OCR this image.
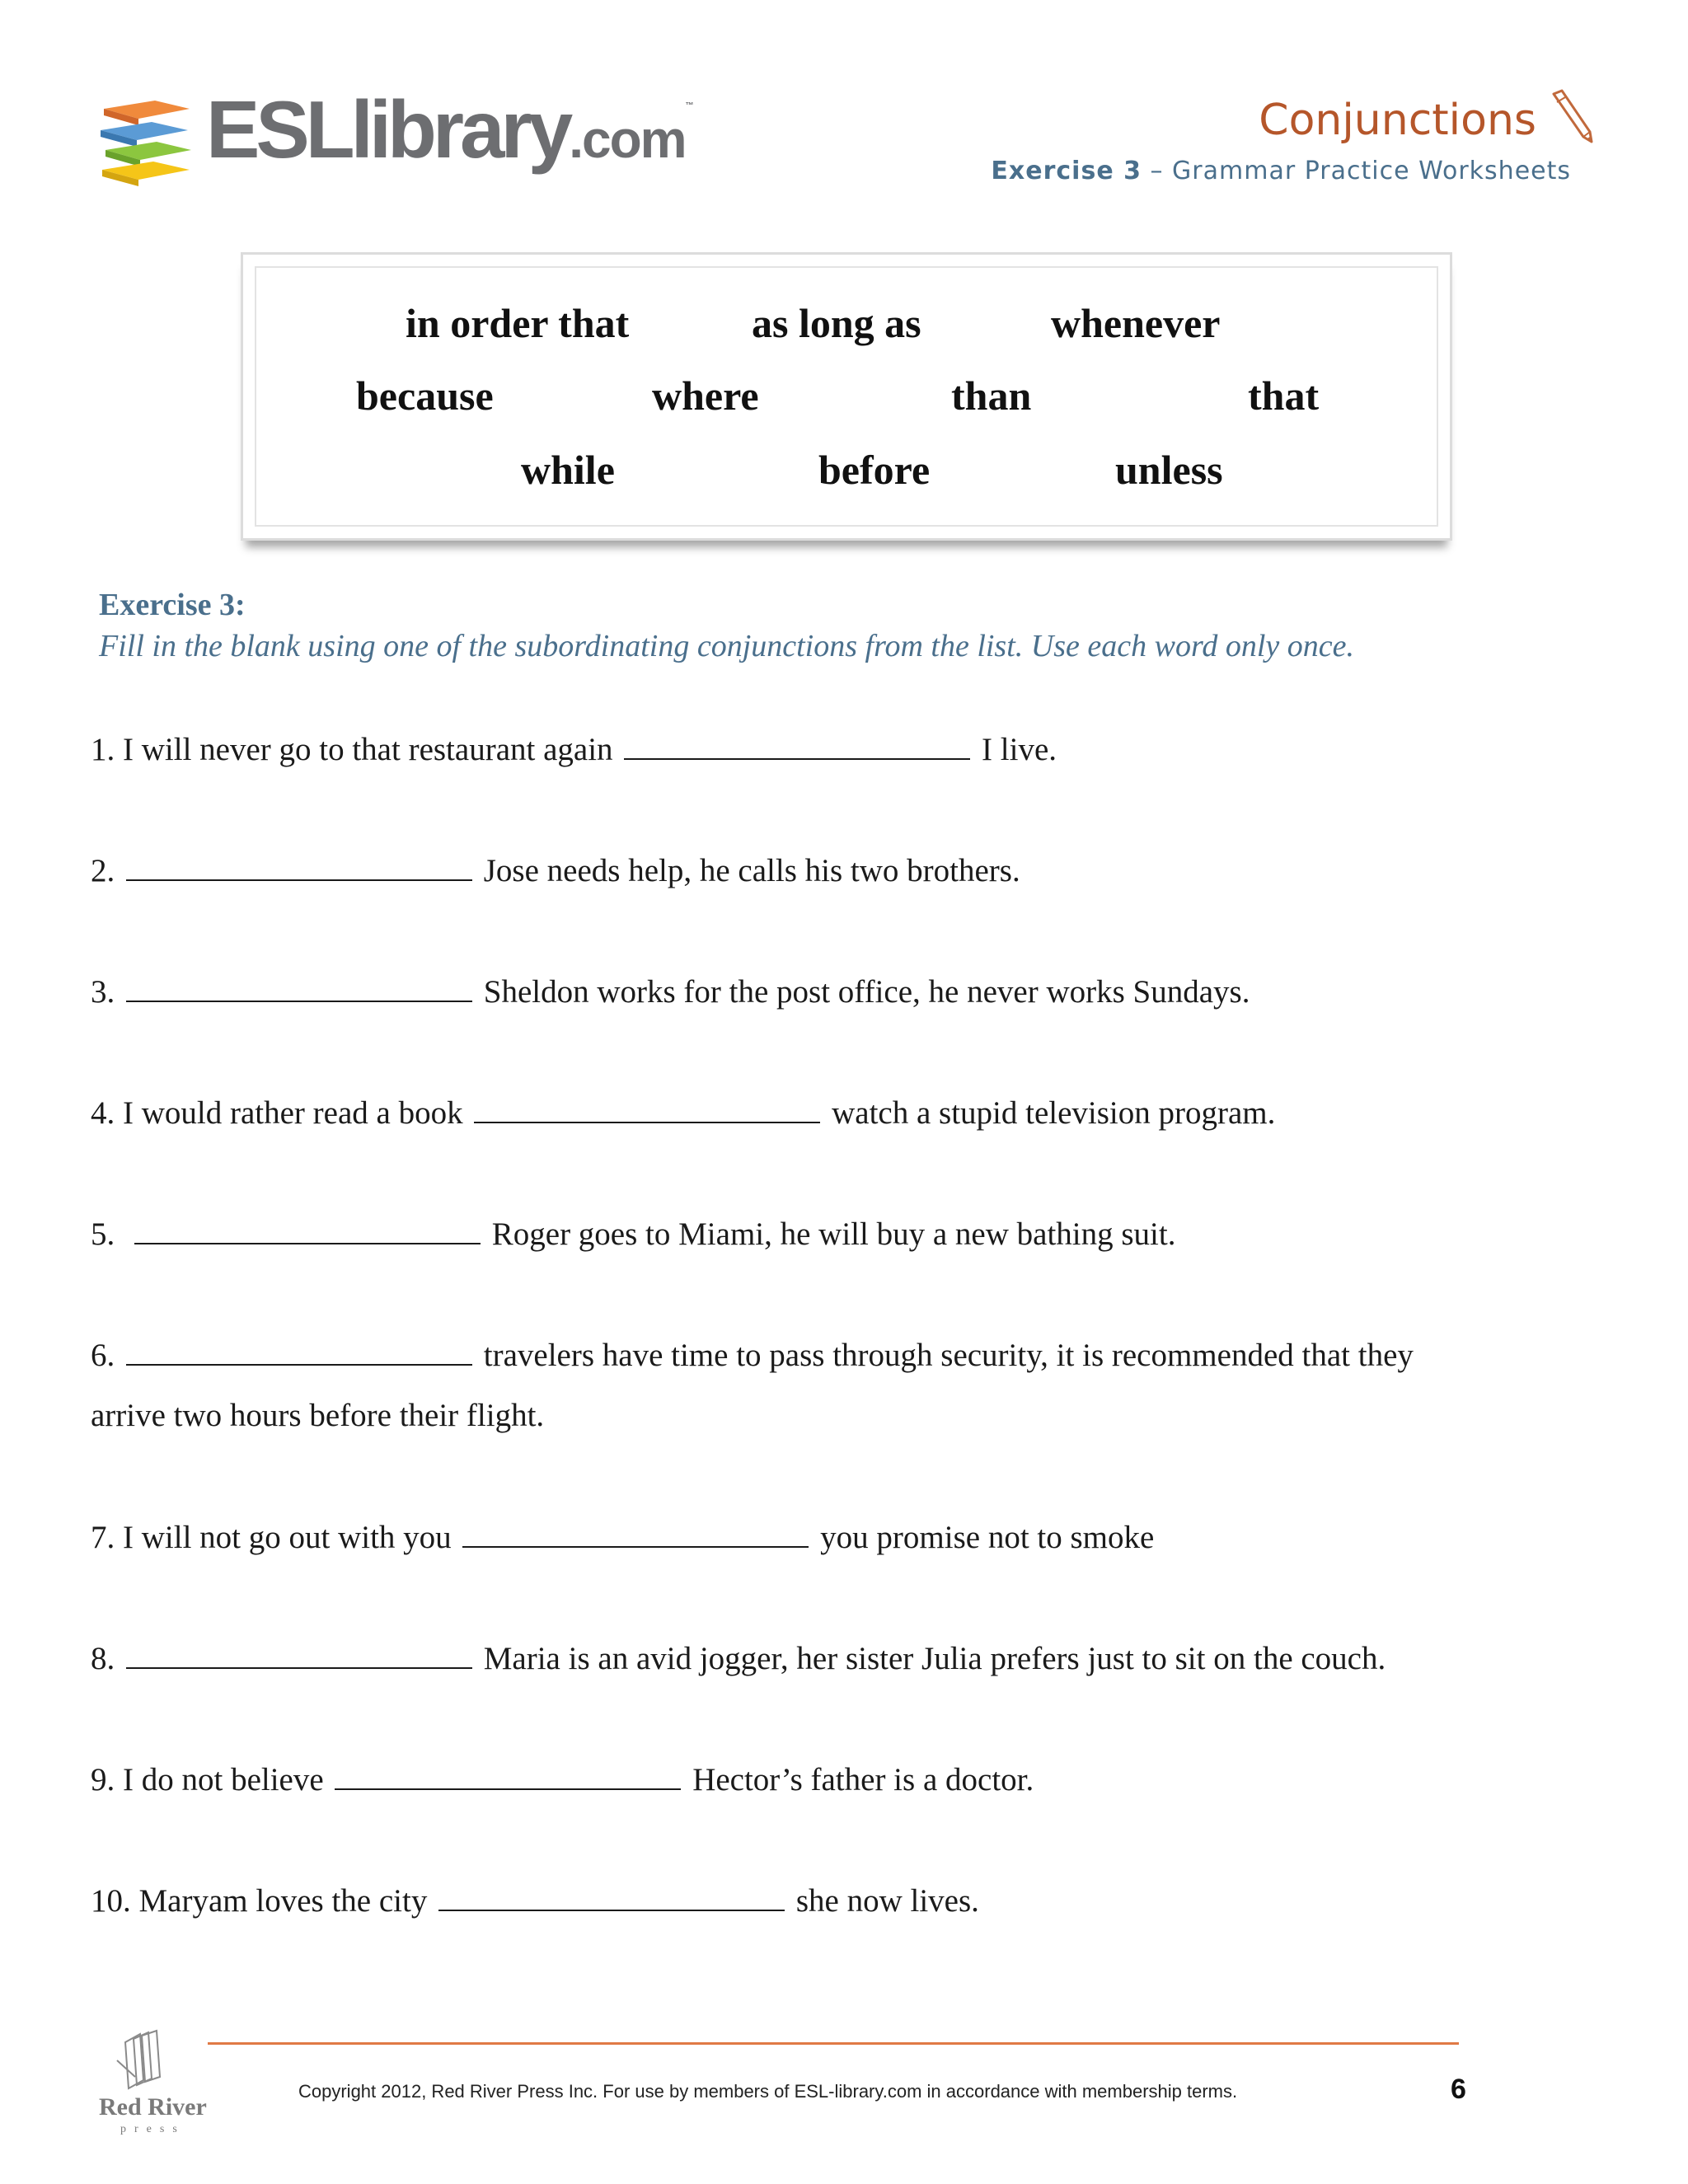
ESLlibrary.com™	Conjunctions
Exercise 3 – Grammar Practice Worksheets
in order that	as long as	whenever
because	where	than	that
while	before	unless
Exercise 3:
Fill in the blank using one of the subordinating conjunctions from the list. Use each word only once.
1. I will never go to that restaurant again	I live.
2.	Jose needs help, he calls his two brothers.
3.	Sheldon works for the post office, he never works Sundays.
4. I would rather read a book	watch a stupid television program.
5.	Roger goes to Miami, he will buy a new bathing suit.
6.	travelers have time to pass through security, it is recommended that they
arrive two hours before their flight.
7. I will not go out with you	you promise not to smoke
8.	Maria is an avid jogger, her sister Julia prefers just to sit on the couch.
9. I do not believe	Hector’s father is a doctor.
10. Maryam loves the city	she now lives.
Red River
press
Copyright 2012, Red River Press Inc. For use by members of ESL-library.com in accordance with membership terms.	6
